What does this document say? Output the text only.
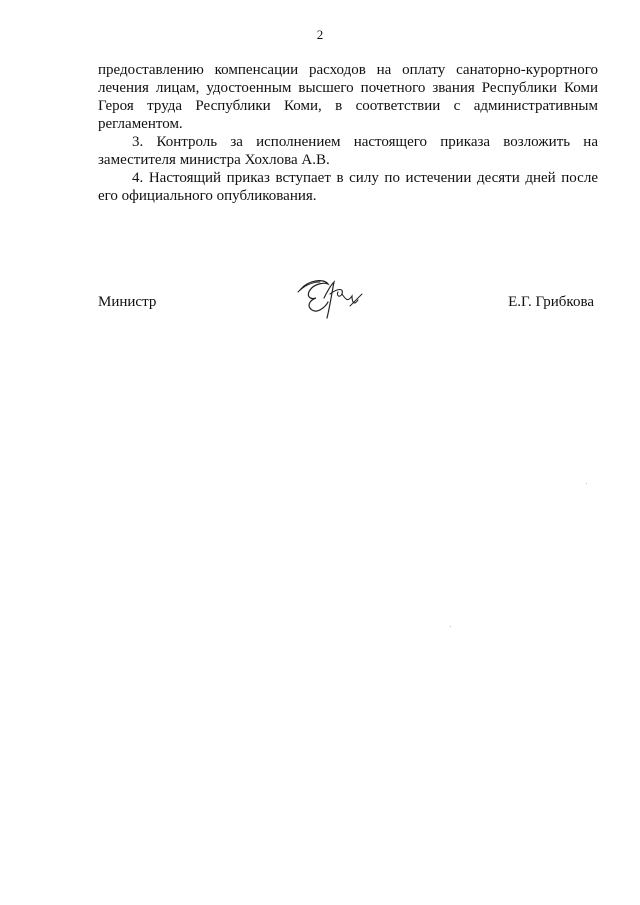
2
предоставлению компенсации расходов на оплату санаторно-курортного
лечения лицам, удостоенным высшего почетного звания Республики Коми
Героя труда Республики Коми, в соответствии с административным
регламентом.
3. Контроль за исполнением настоящего приказа возложить на
заместителя министра Хохлова А.В.
4. Настоящий приказ вступает в силу по истечении десяти дней после
его официального опубликования.
Министр	Е.Г. Грибкова
